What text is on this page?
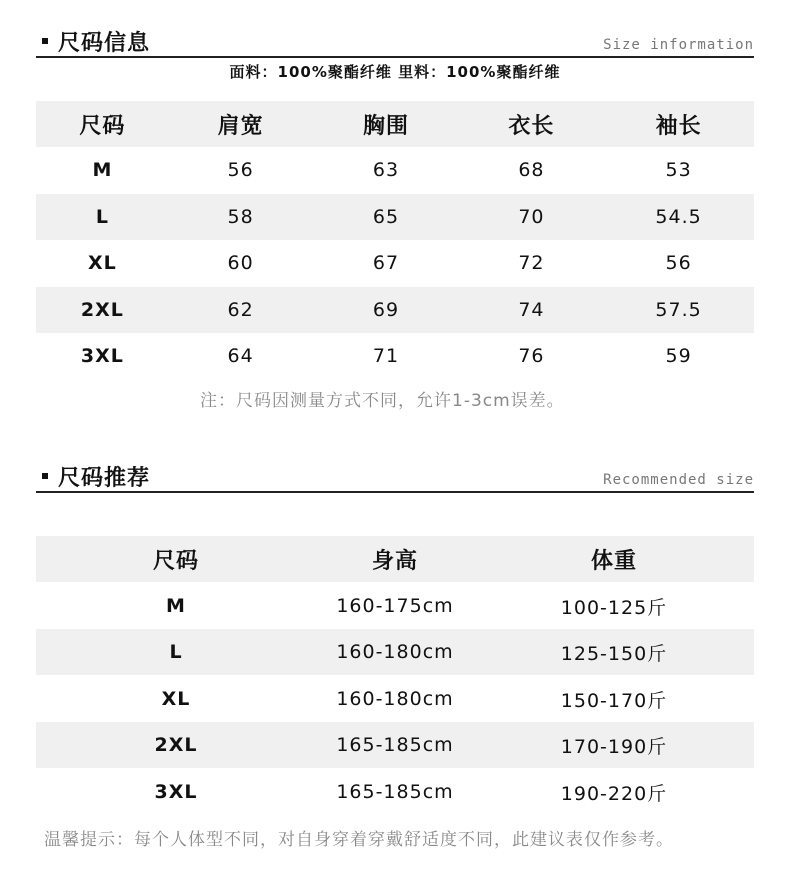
尺码信息	Size information
面料：100%聚酯纤维 里料：100%聚酯纤维
尺码	肩宽	胸围	衣长	袖长
M	56	63	68	53
L	58	65	70	54.5
XL	60	67	72	56
2XL	62	69	74	57.5
3XL	64	71	76	59
注：尺码因测量方式不同，允许1-3cm误差。
尺码推荐	Recommended size
尺码	身高	体重
M	160-175cm	100-125斤
L	160-180cm	125-150斤
XL	160-180cm	150-170斤
2XL	165-185cm	170-190斤
3XL	165-185cm	190-220斤
温馨提示：每个人体型不同，对自身穿着穿戴舒适度不同，此建议表仅作参考。
